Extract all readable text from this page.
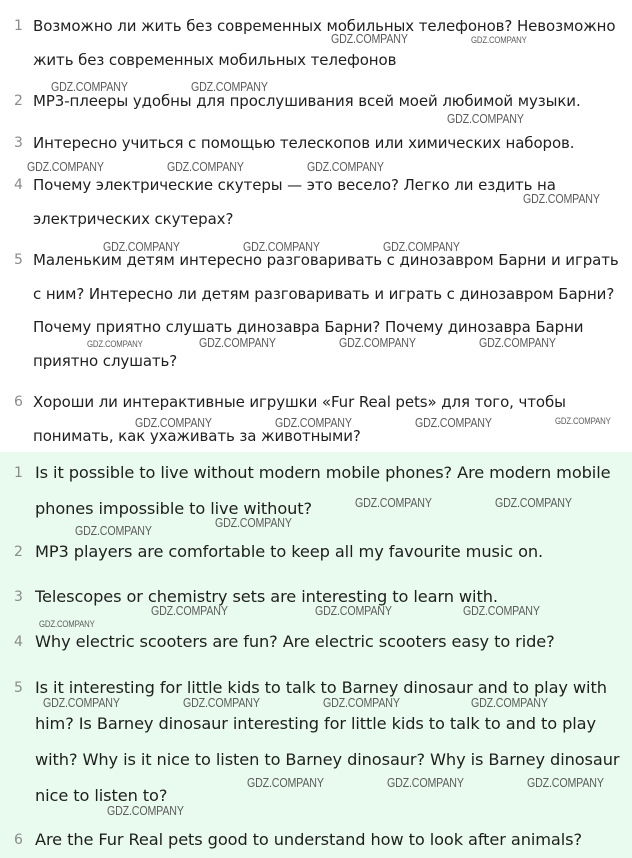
1 Возможно ли жить без современных мобильных телефонов? Невозможно жить без современных мобильных телефонов

2 MP3-плееры удобны для прослушивания всей моей любимой музыки.

3 Интересно учиться с помощью телескопов или химических наборов.

4 Почему электрические скутеры — это весело? Легко ли ездить на электрических скутерах?

5 Маленьким детям интересно разговаривать с динозавром Барни и играть с ним? Интересно ли детям разговаривать и играть с динозавром Барни? Почему приятно слушать динозавра Барни? Почему динозавра Барни приятно слушать?

6 Хороши ли интерактивные игрушки «Fur Real pets» для того, чтобы понимать, как ухаживать за животными?

GDZ.COMPANY	GDZ.COMPANY
GDZ.COMPANY	GDZ.COMPANY
GDZ.COMPANY
GDZ.COMPANY	GDZ.COMPANY	GDZ.COMPANY
GDZ.COMPANY
GDZ.COMPANY	GDZ.COMPANY	GDZ.COMPANY
GDZ.COMPANY	GDZ.COMPANY	GDZ.COMPANY	GDZ.COMPANY
GDZ.COMPANY	GDZ.COMPANY	GDZ.COMPANY	GDZ.COMPANY
1 Is it possible to live without modern mobile phones? Are modern mobile phones impossible to live without?

2 MP3 players are comfortable to keep all my favourite music on.

3 Telescopes or chemistry sets are interesting to learn with.

4 Why electric scooters are fun? Are electric scooters easy to ride?

5 Is it interesting for little kids to talk to Barney dinosaur and to play with him? Is Barney dinosaur interesting for little kids to talk to and to play with? Why is it nice to listen to Barney dinosaur? Why is Barney dinosaur nice to listen to?

6 Are the Fur Real pets good to understand how to look after animals?

GDZ.COMPANY	GDZ.COMPANY
GDZ.COMPANY
GDZ.COMPANY
GDZ.COMPANY	GDZ.COMPANY	GDZ.COMPANY
GDZ.COMPANY
GDZ.COMPANY	GDZ.COMPANY	GDZ.COMPANY	GDZ.COMPANY
GDZ.COMPANY	GDZ.COMPANY	GDZ.COMPANY
GDZ.COMPANY
